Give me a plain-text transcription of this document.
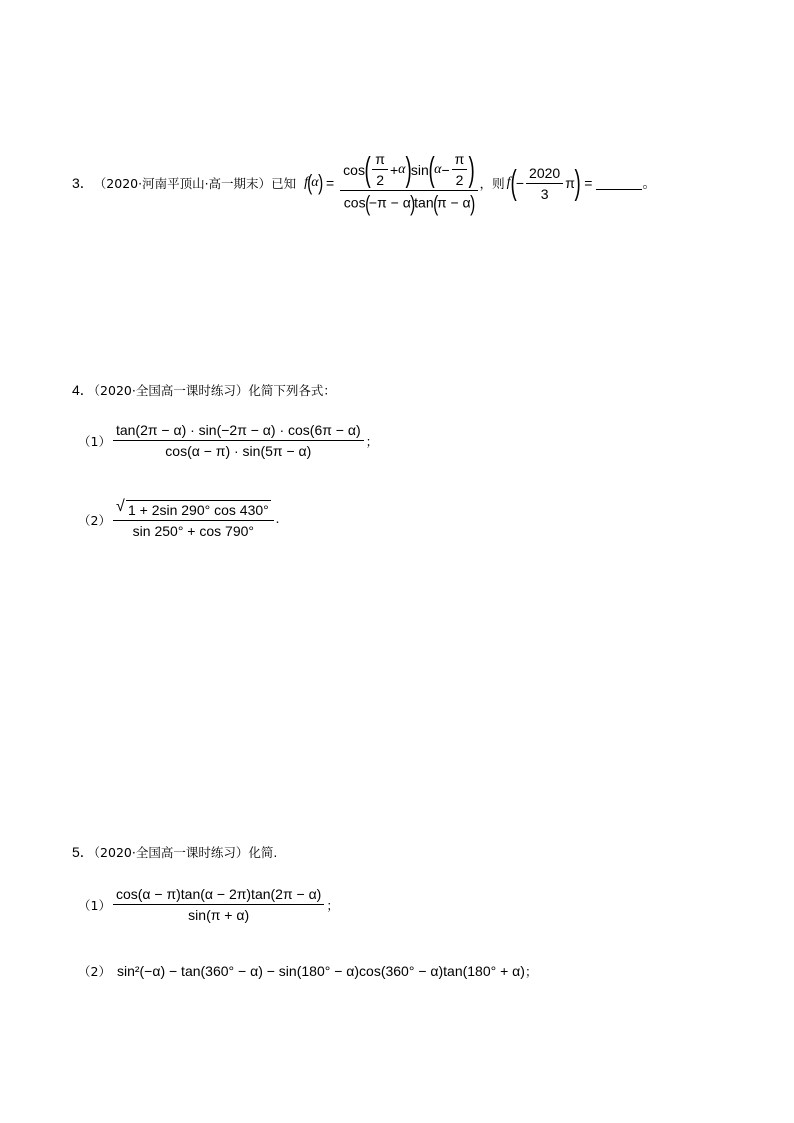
3． （2020·河南平顶山·高一期末） 已知 f ( α ) = $\frac{\cos ( \frac{\pi}{2} + \alpha ) \sin ( \alpha - \frac{\pi}{2} )}{\cos(-\pi - \alpha)\tan(\pi - \alpha)}$ ，则 f ( − $\frac{2020}{3}$ π ) =	。
4．（2020·全国高一课时练习）化简下列各式：
$(1) \frac{\tan(2\pi - \alpha) \cdot \sin(-2\pi - \alpha) \cdot \cos(6\pi - \alpha)}{\cos(\alpha - \pi) \cdot \sin(5\pi - \alpha)}$ ；
$(2) \frac{√ 1 + 2\sin 290^\circ \cos 430^\circ}{\sin 250^\circ + \cos 790^\circ}$ .
5．（2020·全国高一课时练习）化简.
$(1) \frac{\cos(\alpha - \pi)\tan(\alpha - 2\pi)\tan(2\pi - \alpha)}{\sin(\pi + \alpha)}$ ；
（2） sin²(−α) − tan(360° − α) − sin(180° − α)cos(360° − α)tan(180° + α) ；
